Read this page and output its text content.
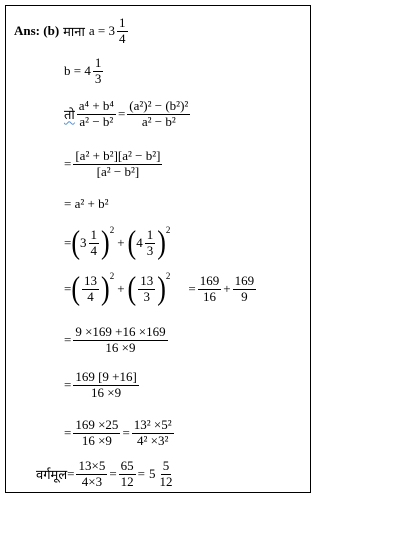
Ans: (b) माना $a = 3 \frac{1}{4}$
$b = 4 \frac{1}{3}$
तो $\frac{\text{a⁴ + b⁴}}{\text{a² − b²}} = \frac{\text{(a²)² − (b²)²}}{\text{a² − b²}}$
= $\frac{\text{[a² + b²][a² − b²]}}{\text{[a² − b²]}}$
= a² + b²
= ( $3 \frac{1}{4}$ ) 2
+ ( $4 \frac{1}{3}$ ) 2
= ( $\frac{13}{4}$ ) 2
+ ( $\frac{13}{3}$ ) 2
= $\frac{169}{16} + \frac{169}{9}$
= $\frac{9 \times 169 +16 \times 169}{16 \times 9}$
= $\frac{169 [9 +16]}{16 \times 9}$
= $\frac{169 \times 25}{16 \times 9} = \frac{\text{13² ×5²}}{\text{4² ×3²}}$
वर्गमूल = $\frac{13\times 5}{4\times 3} = \frac{65}{12} = 5 \frac{5}{12}$
